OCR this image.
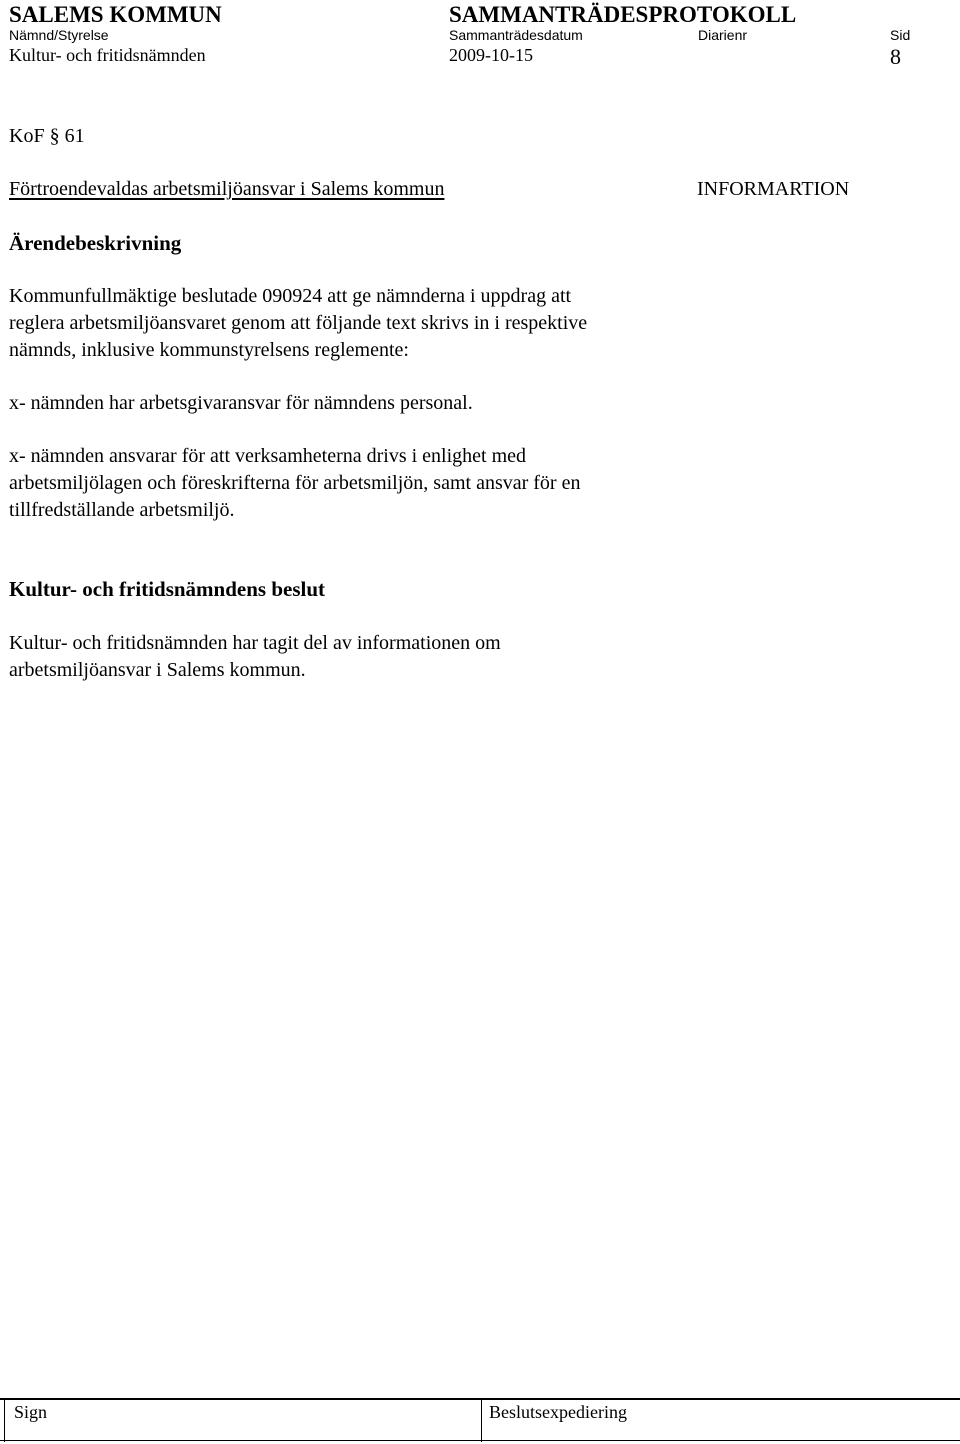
SALEMS KOMMUN	SAMMANTRÄDESPROTOKOLL
Nämnd/Styrelse	Sammanträdesdatum	Diarienr	Sid
Kultur- och fritidsnämnden	2009-10-15	8
KoF § 61
Förtroendevaldas arbetsmiljöansvar i Salems kommun	INFORMARTION
Ärendebeskrivning
Kommunfullmäktige beslutade 090924 att ge nämnderna i uppdrag att
reglera arbetsmiljöansvaret genom att följande text skrivs in i respektive
nämnds, inklusive kommunstyrelsens reglemente:
x- nämnden har arbetsgivaransvar för nämndens personal.
x- nämnden ansvarar för att verksamheterna drivs i enlighet med
arbetsmiljölagen och föreskrifterna för arbetsmiljön, samt ansvar för en
tillfredställande arbetsmiljö.
Kultur- och fritidsnämndens beslut
Kultur- och fritidsnämnden har tagit del av informationen om
arbetsmiljöansvar i Salems kommun.
Sign	Beslutsexpediering
